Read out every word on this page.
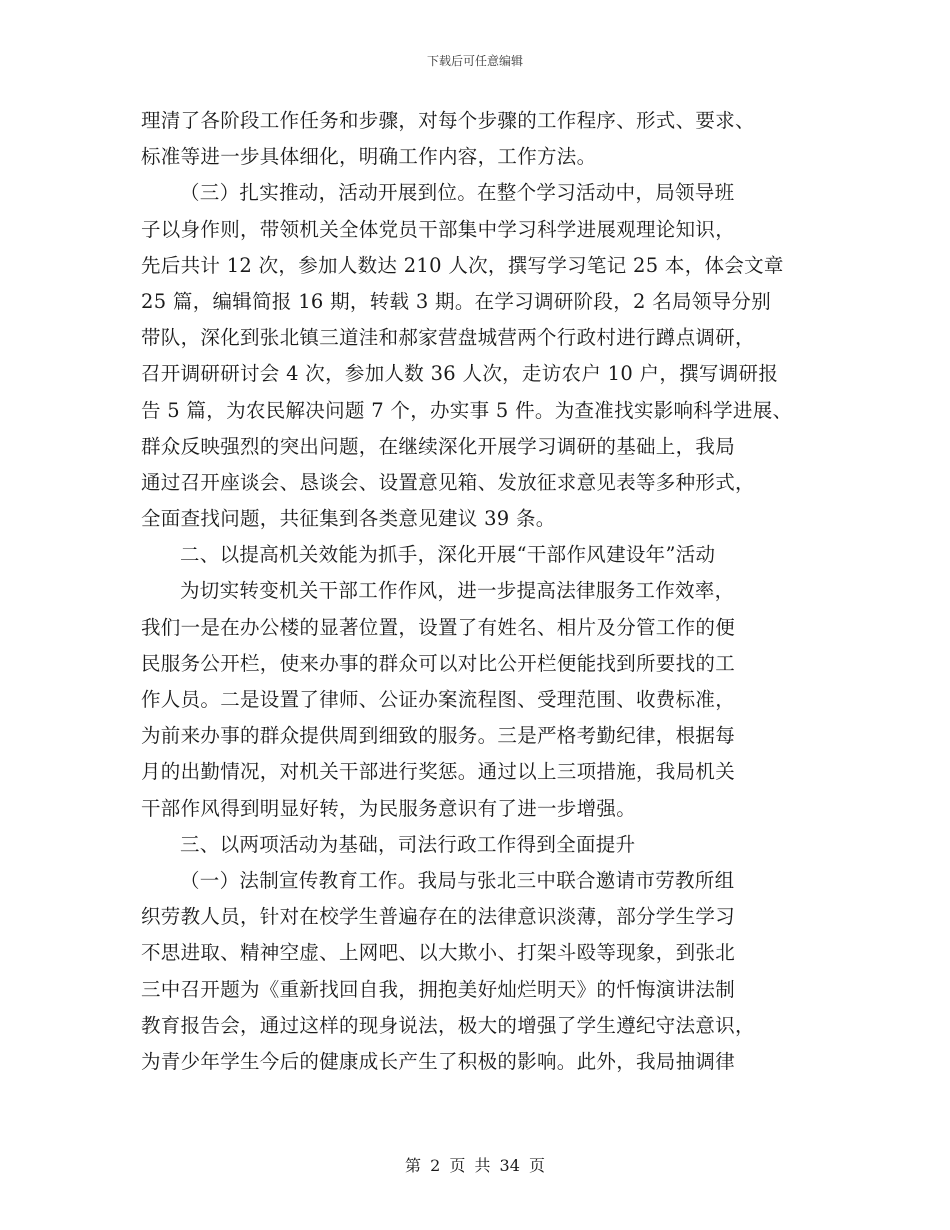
下载后可任意编辑
理清了各阶段工作任务和步骤，对每个步骤的工作程序、形式、要求、
标准等进一步具体细化，明确工作内容，工作方法。
（三）扎实推动，活动开展到位。在整个学习活动中，局领导班
子以身作则，带领机关全体党员干部集中学习科学进展观理论知识，
先后共计 12 次，参加人数达 210 人次，撰写学习笔记 25 本，体会文章
25 篇，编辑简报 16 期，转载 3 期。在学习调研阶段，2 名局领导分别
带队，深化到张北镇三道洼和郝家营盘城营两个行政村进行蹲点调研，
召开调研研讨会 4 次，参加人数 36 人次，走访农户 10 户，撰写调研报
告 5 篇，为农民解决问题 7 个，办实事 5 件。为查准找实影响科学进展、
群众反映强烈的突出问题，在继续深化开展学习调研的基础上，我局
通过召开座谈会、恳谈会、设置意见箱、发放征求意见表等多种形式，
全面查找问题，共征集到各类意见建议 39 条。
二、以提高机关效能为抓手，深化开展“干部作风建设年”活动
为切实转变机关干部工作作风，进一步提高法律服务工作效率，
我们一是在办公楼的显著位置，设置了有姓名、相片及分管工作的便
民服务公开栏，使来办事的群众可以对比公开栏便能找到所要找的工
作人员。二是设置了律师、公证办案流程图、受理范围、收费标准，
为前来办事的群众提供周到细致的服务。三是严格考勤纪律，根据每
月的出勤情况，对机关干部进行奖惩。通过以上三项措施，我局机关
干部作风得到明显好转，为民服务意识有了进一步增强。
三、以两项活动为基础，司法行政工作得到全面提升
（一）法制宣传教育工作。我局与张北三中联合邀请市劳教所组
织劳教人员，针对在校学生普遍存在的法律意识淡薄，部分学生学习
不思进取、精神空虚、上网吧、以大欺小、打架斗殴等现象，到张北
三中召开题为《重新找回自我，拥抱美好灿烂明天》的忏悔演讲法制
教育报告会，通过这样的现身说法，极大的增强了学生遵纪守法意识，
为青少年学生今后的健康成长产生了积极的影响。此外，我局抽调律
第 2 页 共 34 页
